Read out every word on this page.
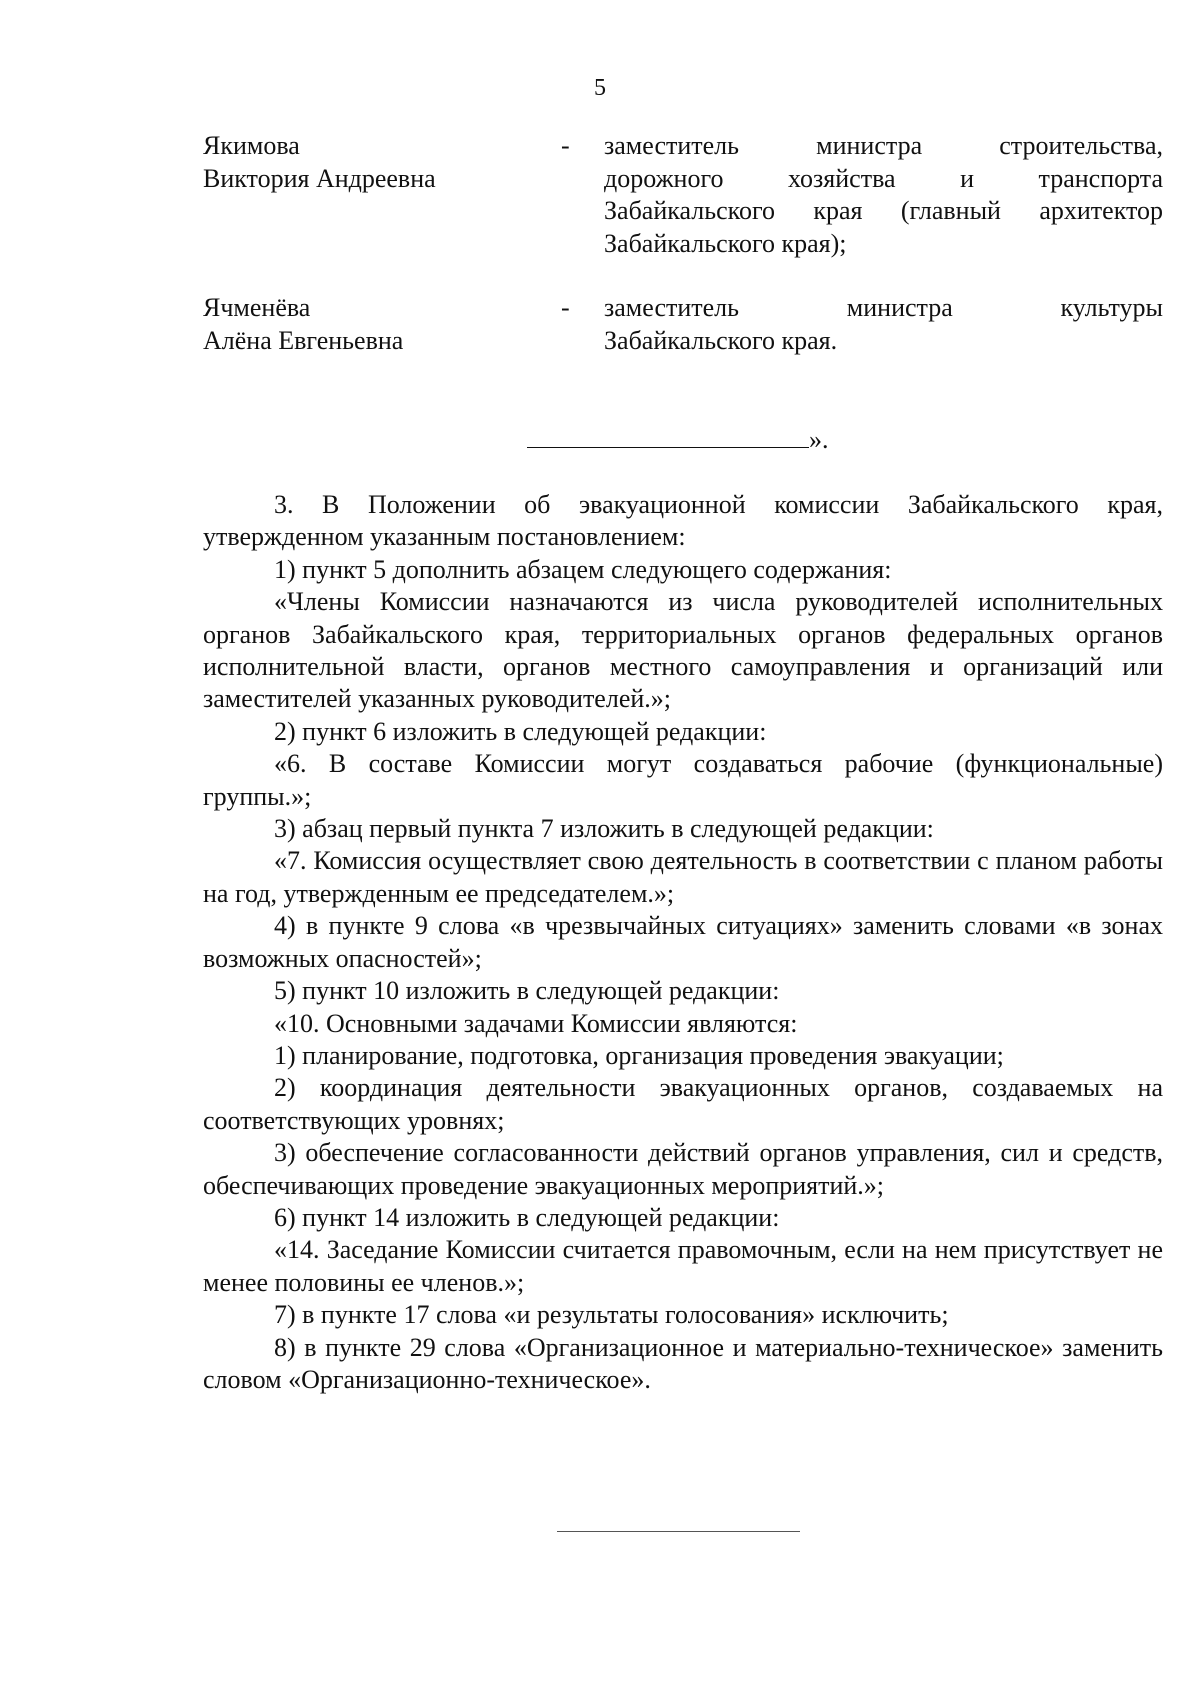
5
Якимова
Виктория Андреевна
-	заместитель министра строительства,
дорожного хозяйства и транспорта
Забайкальского края (главный архитектор
Забайкальского края);
Ячменёва
Алёна Евгеньевна
-	заместитель министра культуры
Забайкальского края.
».

3. В Положении об эвакуационной комиссии Забайкальского края, утвержденном указанным постановлением:

1) пункт 5 дополнить абзацем следующего содержания:

«Члены Комиссии назначаются из числа руководителей исполнительных органов Забайкальского края, территориальных органов федеральных органов исполнительной власти, органов местного самоуправления и организаций или заместителей указанных руководителей.»;

2) пункт 6 изложить в следующей редакции:

«6. В составе Комиссии могут создаваться рабочие (функциональные) группы.»;

3) абзац первый пункта 7 изложить в следующей редакции:

«7. Комиссия осуществляет свою деятельность в соответствии с планом работы на год, утвержденным ее председателем.»;

4) в пункте 9 слова «в чрезвычайных ситуациях» заменить словами «в зонах возможных опасностей»;

5) пункт 10 изложить в следующей редакции:

«10. Основными задачами Комиссии являются:

1) планирование, подготовка, организация проведения эвакуации;

2) координация деятельности эвакуационных органов, создаваемых на соответствующих уровнях;

3) обеспечение согласованности действий органов управления, сил и средств, обеспечивающих проведение эвакуационных мероприятий.»;

6) пункт 14 изложить в следующей редакции:

«14. Заседание Комиссии считается правомочным, если на нем присутствует не менее половины ее членов.»;

7) в пункте 17 слова «и результаты голосования» исключить;

8) в пункте 29 слова «Организационное и материально-техническое» заменить словом «Организационно-техническое».
